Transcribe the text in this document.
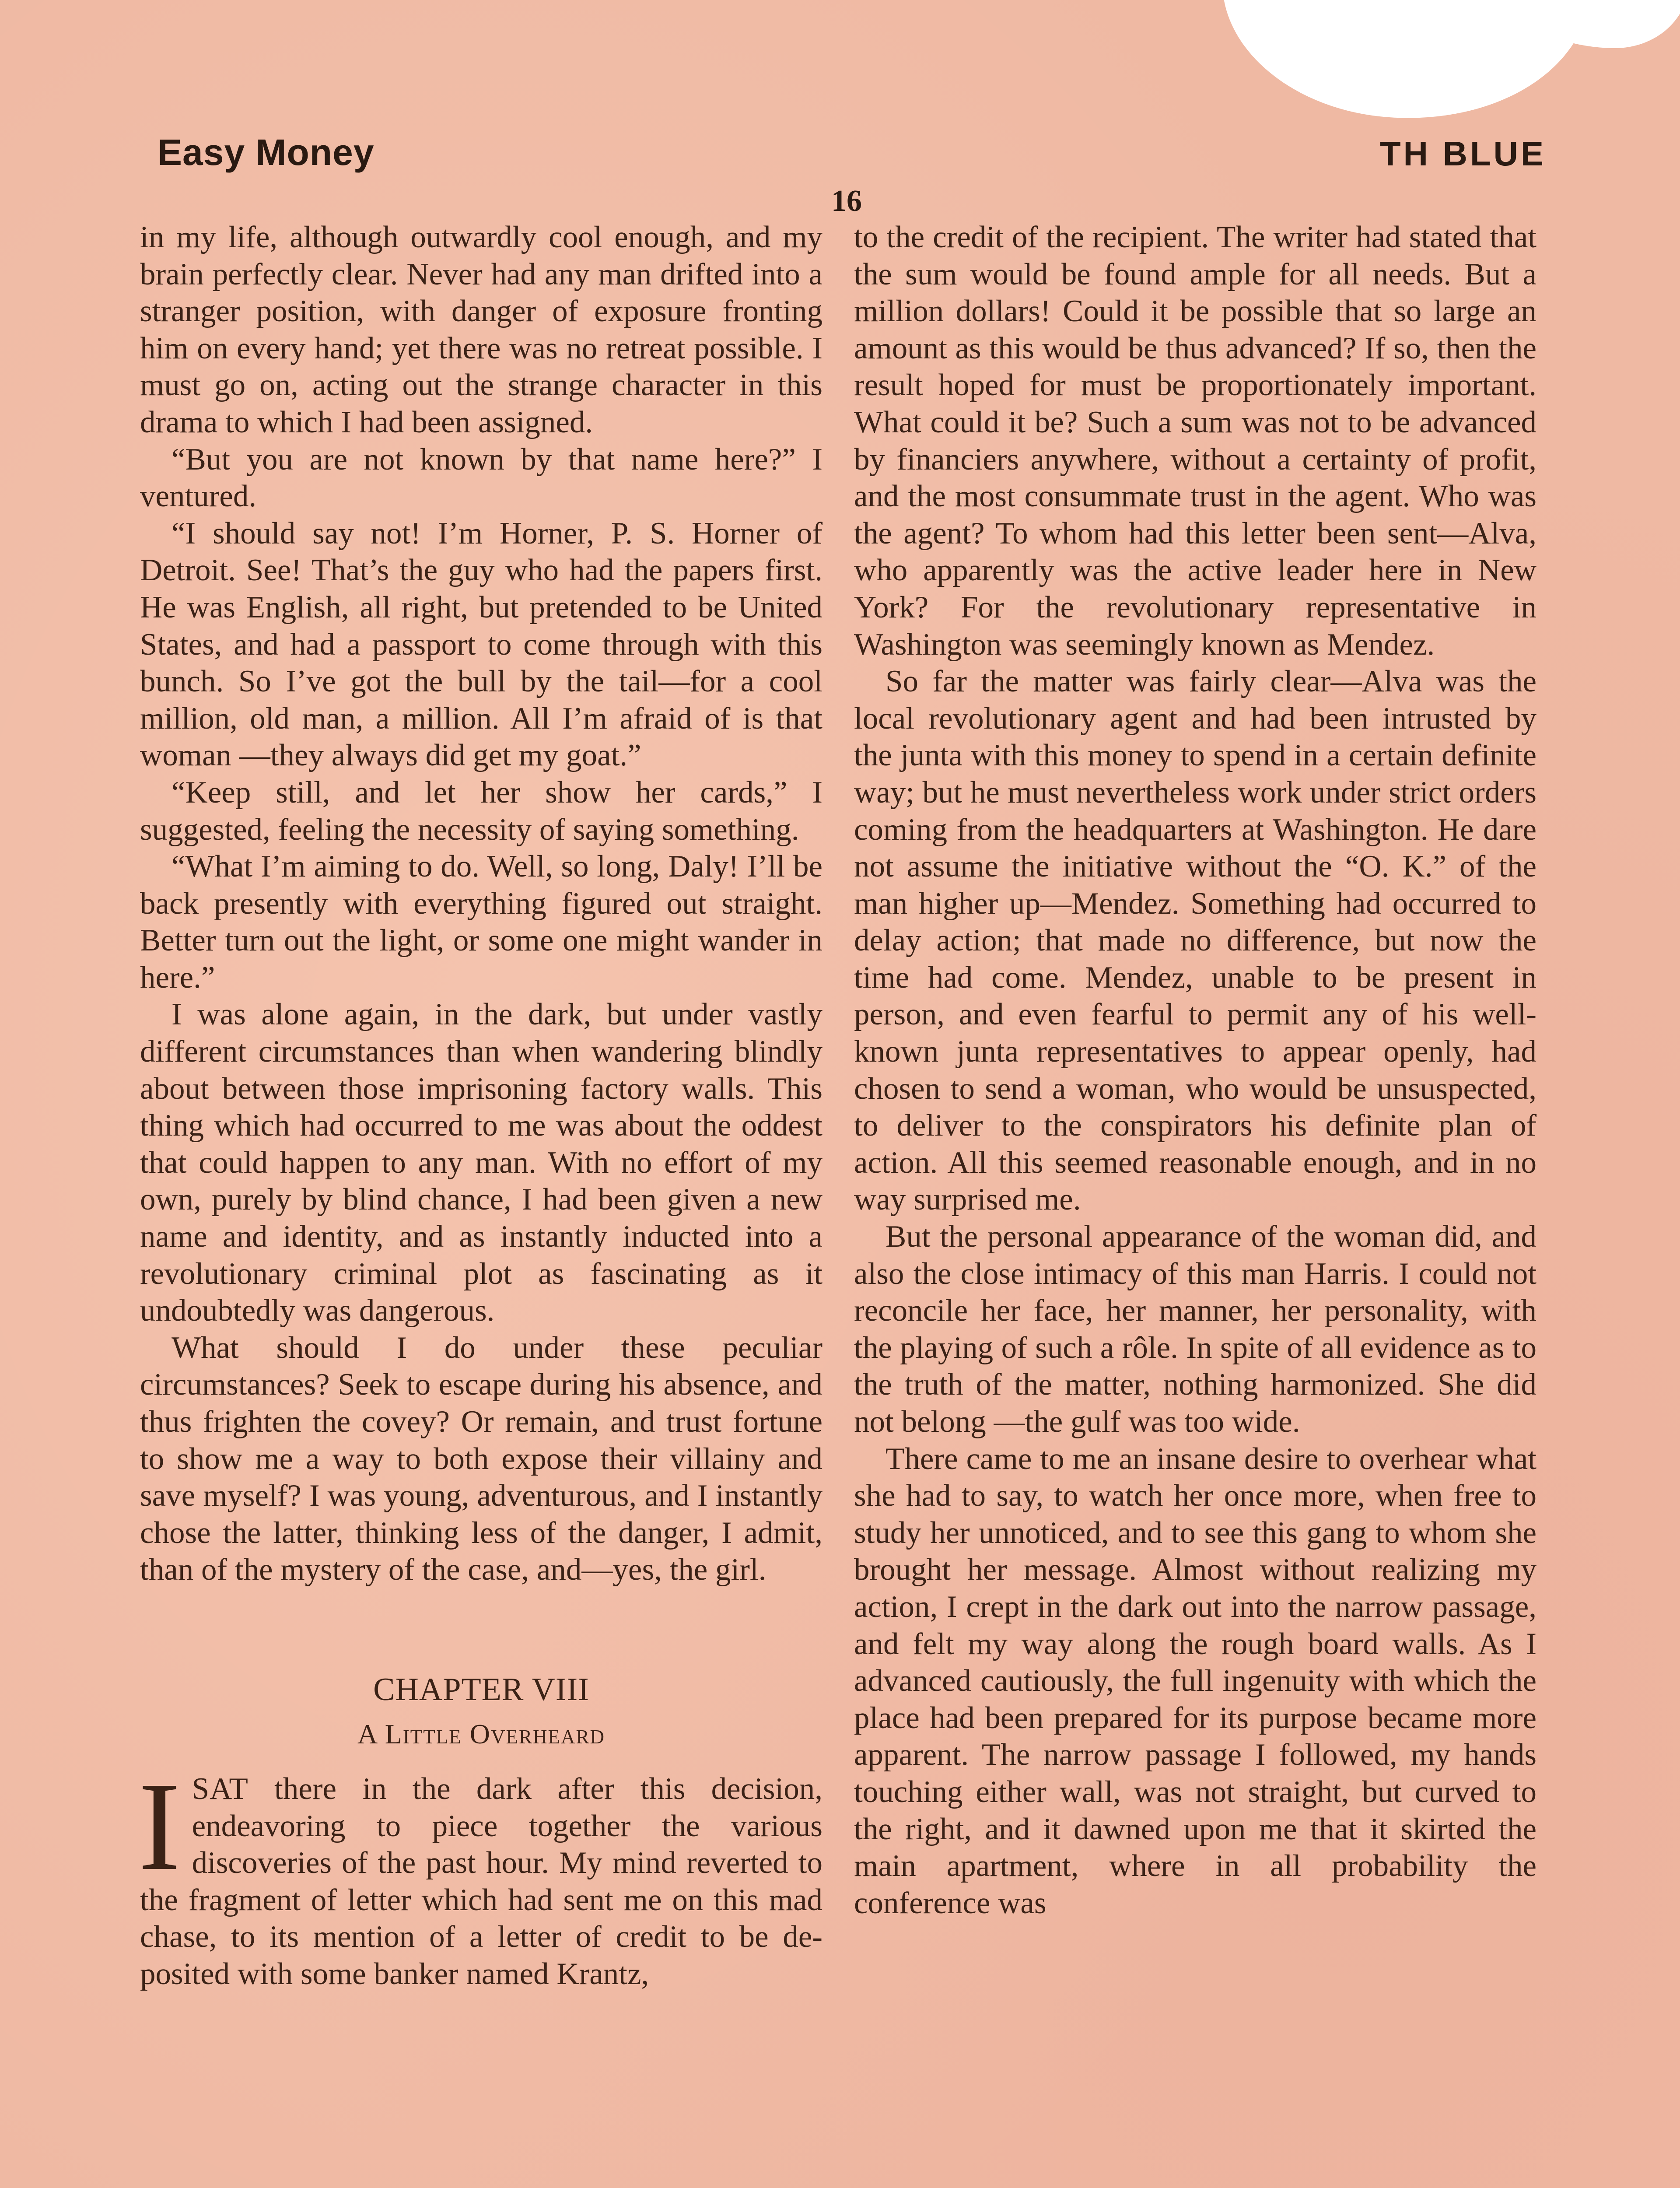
Easy Money	TH BLUE
16

in my life, although outwardly cool enough, and my brain perfectly clear. Never had any man drifted into a stranger position, with danger of exposure fronting him on every hand; yet there was no retreat possible. I must go on, acting out the strange character in this drama to which I had been assigned.

“But you are not known by that name here?” I ventured.

“I should say not! I’m Horner, P. S. Horner of Detroit. See! That’s the guy who had the papers first. He was English, all right, but pretended to be United States, and had a passport to come through with this bunch. So I’ve got the bull by the tail—for a cool million, old man, a million. All I’m afraid of is that woman —they always did get my goat.”

“Keep still, and let her show her cards,” I suggested, feeling the necessity of saying something.

“What I’m aiming to do. Well, so long, Daly! I’ll be back presently with everything figured out straight. Better turn out the light, or some one might wander in here.”

I was alone again, in the dark, but under vastly different circumstances than when wandering blindly about between those imprisoning factory walls. This thing which had occurred to me was about the oddest that could happen to any man. With no effort of my own, purely by blind chance, I had been given a new name and identity, and as instantly inducted into a revolutionary criminal plot as fascinating as it undoubtedly was dangerous.

What should I do under these peculiar circumstances? Seek to escape during his absence, and thus frighten the covey? Or remain, and trust fortune to show me a way to both expose their villainy and save myself? I was young, adventurous, and I instantly chose the latter, thinking less of the danger, I admit, than of the mystery of the case, and—yes, the girl.

CHAPTER VIII
A Little Overheard

ISAT there in the dark after this decision, endeavoring to piece together the various discoveries of the past hour. My mind reverted to the fragment of letter which had sent me on this mad chase, to its mention of a letter of credit to be deposited with some banker named Krantz,

to the credit of the recipient. The writer had stated that the sum would be found ample for all needs. But a million dollars! Could it be possible that so large an amount as this would be thus advanced? If so, then the result hoped for must be proportionately important. What could it be? Such a sum was not to be advanced by financiers anywhere, without a certainty of profit, and the most consummate trust in the agent. Who was the agent? To whom had this letter been sent—Alva, who apparently was the active leader here in New York? For the revolutionary representative in Washington was seemingly known as Mendez.

So far the matter was fairly clear—Alva was the local revolutionary agent and had been intrusted by the junta with this money to spend in a certain definite way; but he must nevertheless work under strict orders coming from the headquarters at Washington. He dare not assume the initiative without the “O. K.” of the man higher up—Mendez. Something had occurred to delay action; that made no difference, but now the time had come. Mendez, unable to be present in person, and even fearful to permit any of his well-known junta representatives to appear openly, had chosen to send a woman, who would be unsuspected, to deliver to the conspirators his definite plan of action. All this seemed reasonable enough, and in no way surprised me.

But the personal appearance of the woman did, and also the close intimacy of this man Harris. I could not reconcile her face, her manner, her personality, with the playing of such a rôle. In spite of all evidence as to the truth of the matter, nothing harmonized. She did not belong —the gulf was too wide.

There came to me an insane desire to overhear what she had to say, to watch her once more, when free to study her unnoticed, and to see this gang to whom she brought her message. Almost without realizing my action, I crept in the dark out into the narrow passage, and felt my way along the rough board walls. As I advanced cautiously, the full ingenuity with which the place had been prepared for its purpose became more apparent. The narrow passage I followed, my hands touching either wall, was not straight, but curved to the right, and it dawned upon me that it skirted the main apartment, where in all probability the conference was
